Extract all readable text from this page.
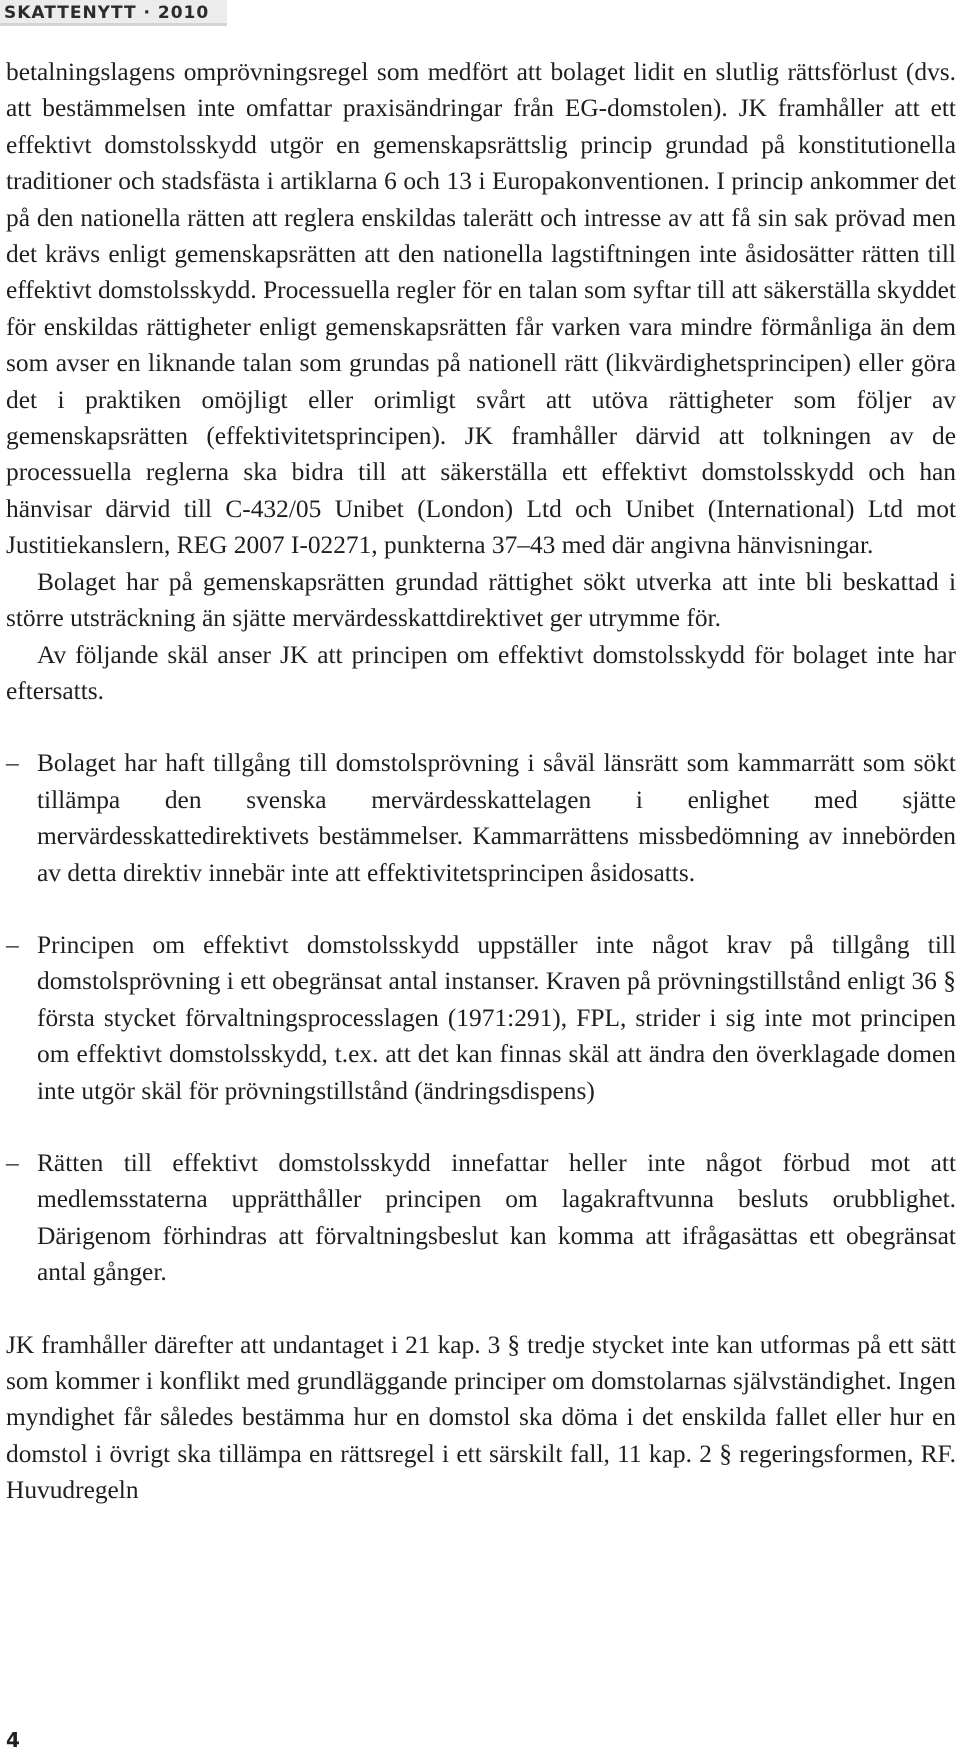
SKATTENYTT · 2010

betalningslagens omprövningsregel som medfört att bolaget lidit en slutlig rättsförlust (dvs. att bestämmelsen inte omfattar praxisändringar från EG-domstolen). JK framhåller att ett effektivt domstolsskydd utgör en gemenskapsrättslig princip grundad på konstitutionella traditioner och stadsfästa i artiklarna 6 och 13 i Europakonventionen. I princip ankommer det på den nationella rätten att reglera enskildas talerätt och intresse av att få sin sak prövad men det krävs enligt gemenskapsrätten att den nationella lagstiftningen inte åsidosätter rätten till effektivt domstolsskydd. Processuella regler för en talan som syftar till att säkerställa skyddet för enskildas rättigheter enligt gemenskapsrätten får varken vara mindre förmånliga än dem som avser en liknande talan som grundas på nationell rätt (likvärdighetsprincipen) eller göra det i praktiken omöjligt eller orimligt svårt att utöva rättigheter som följer av gemenskapsrätten (effektivitetsprincipen). JK framhåller därvid att tolkningen av de processuella reglerna ska bidra till att säkerställa ett effektivt domstolsskydd och han hänvisar därvid till C-432/05 Unibet (London) Ltd och Unibet (International) Ltd mot Justitiekanslern, REG 2007 I-02271, punkterna 37–43 med där angivna hänvisningar.

Bolaget har på gemenskapsrätten grundad rättighet sökt utverka att inte bli beskattad i större utsträckning än sjätte mervärdesskattdirektivet ger utrymme för.

Av följande skäl anser JK att principen om effektivt domstolsskydd för bolaget inte har eftersatts.

– Bolaget har haft tillgång till domstolsprövning i såväl länsrätt som kammarrätt som sökt tillämpa den svenska mervärdesskattelagen i enlighet med sjätte mervärdesskattedirektivets bestämmelser. Kammarrättens missbedömning av innebörden av detta direktiv innebär inte att effektivitetsprincipen åsidosatts.
– Principen om effektivt domstolsskydd uppställer inte något krav på tillgång till domstolsprövning i ett obegränsat antal instanser. Kraven på prövningstillstånd enligt 36 § första stycket förvaltningsprocesslagen (1971:291), FPL, strider i sig inte mot principen om effektivt domstolsskydd, t.ex. att det kan finnas skäl att ändra den överklagade domen inte utgör skäl för prövningstillstånd (ändringsdispens)
– Rätten till effektivt domstolsskydd innefattar heller inte något förbud mot att medlemsstaterna upprätthåller principen om lagakraftvunna besluts orubblighet. Därigenom förhindras att förvaltningsbeslut kan komma att ifrågasättas ett obegränsat antal gånger.

JK framhåller därefter att undantaget i 21 kap. 3 § tredje stycket inte kan utformas på ett sätt som kommer i konflikt med grundläggande principer om domstolarnas självständighet. Ingen myndighet får således bestämma hur en domstol ska döma i det enskilda fallet eller hur en domstol i övrigt ska tillämpa en rättsregel i ett särskilt fall, 11 kap. 2 § regeringsformen, RF. Huvudregeln

4
